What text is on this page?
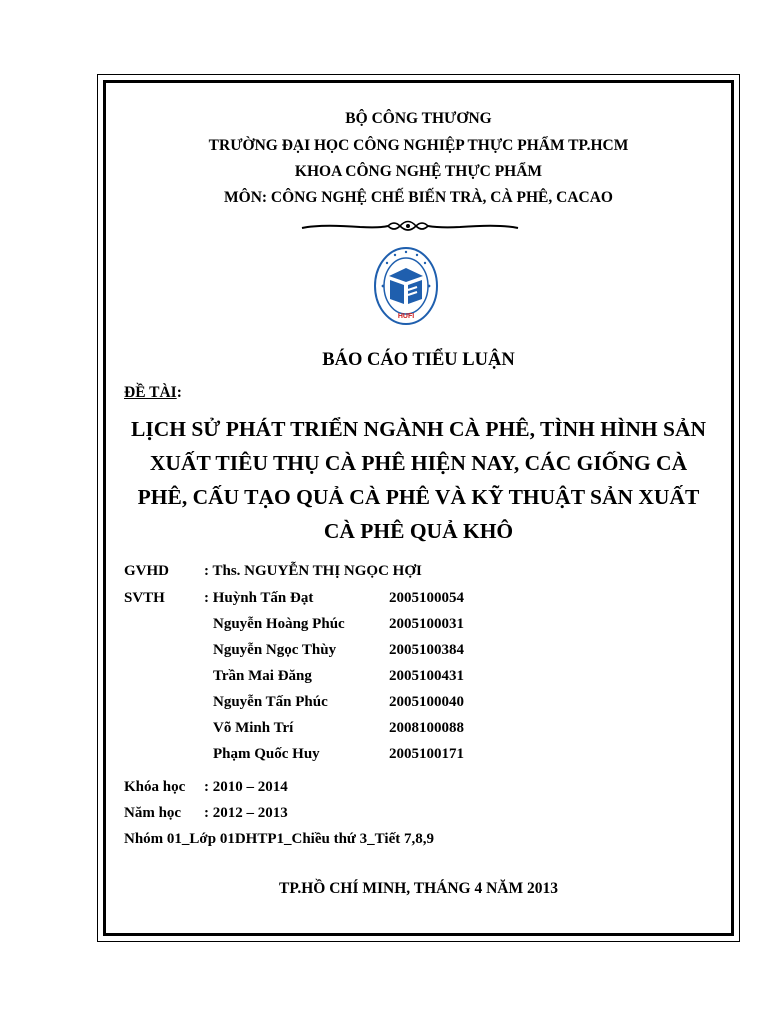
BỘ CÔNG THƯƠNG
TRƯỜNG ĐẠI HỌC CÔNG NGHIỆP THỰC PHẨM TP.HCM
KHOA CÔNG NGHỆ THỰC PHẨM
MÔN: CÔNG NGHỆ CHẾ BIẾN TRÀ, CÀ PHÊ, CACAO
HUFI
BÁO CÁO TIỂU LUẬN
ĐỀ TÀI:
LỊCH SỬ PHÁT TRIỂN NGÀNH CÀ PHÊ, TÌNH HÌNH SẢN
XUẤT TIÊU THỤ CÀ PHÊ HIỆN NAY, CÁC GIỐNG CÀ
PHÊ, CẤU TẠO QUẢ CÀ PHÊ VÀ KỸ THUẬT SẢN XUẤT
CÀ PHÊ QUẢ KHÔ
GVHD : Ths. NGUYỄN THỊ NGỌC HỢI
SVTH	: Huỳnh Tấn Đạt	2005100054
Nguyễn Hoàng Phúc	2005100031
Nguyễn Ngọc Thùy	2005100384
Trần Mai Đăng	2005100431
Nguyễn Tấn Phúc	2005100040
Võ Minh Trí	2008100088
Phạm Quốc Huy	2005100171
Khóa học : 2010 – 2014
Năm học : 2012 – 2013
Nhóm 01_Lớp 01DHTP1_Chiều thứ 3_Tiết 7,8,9
TP.HỒ CHÍ MINH, THÁNG 4 NĂM 2013
